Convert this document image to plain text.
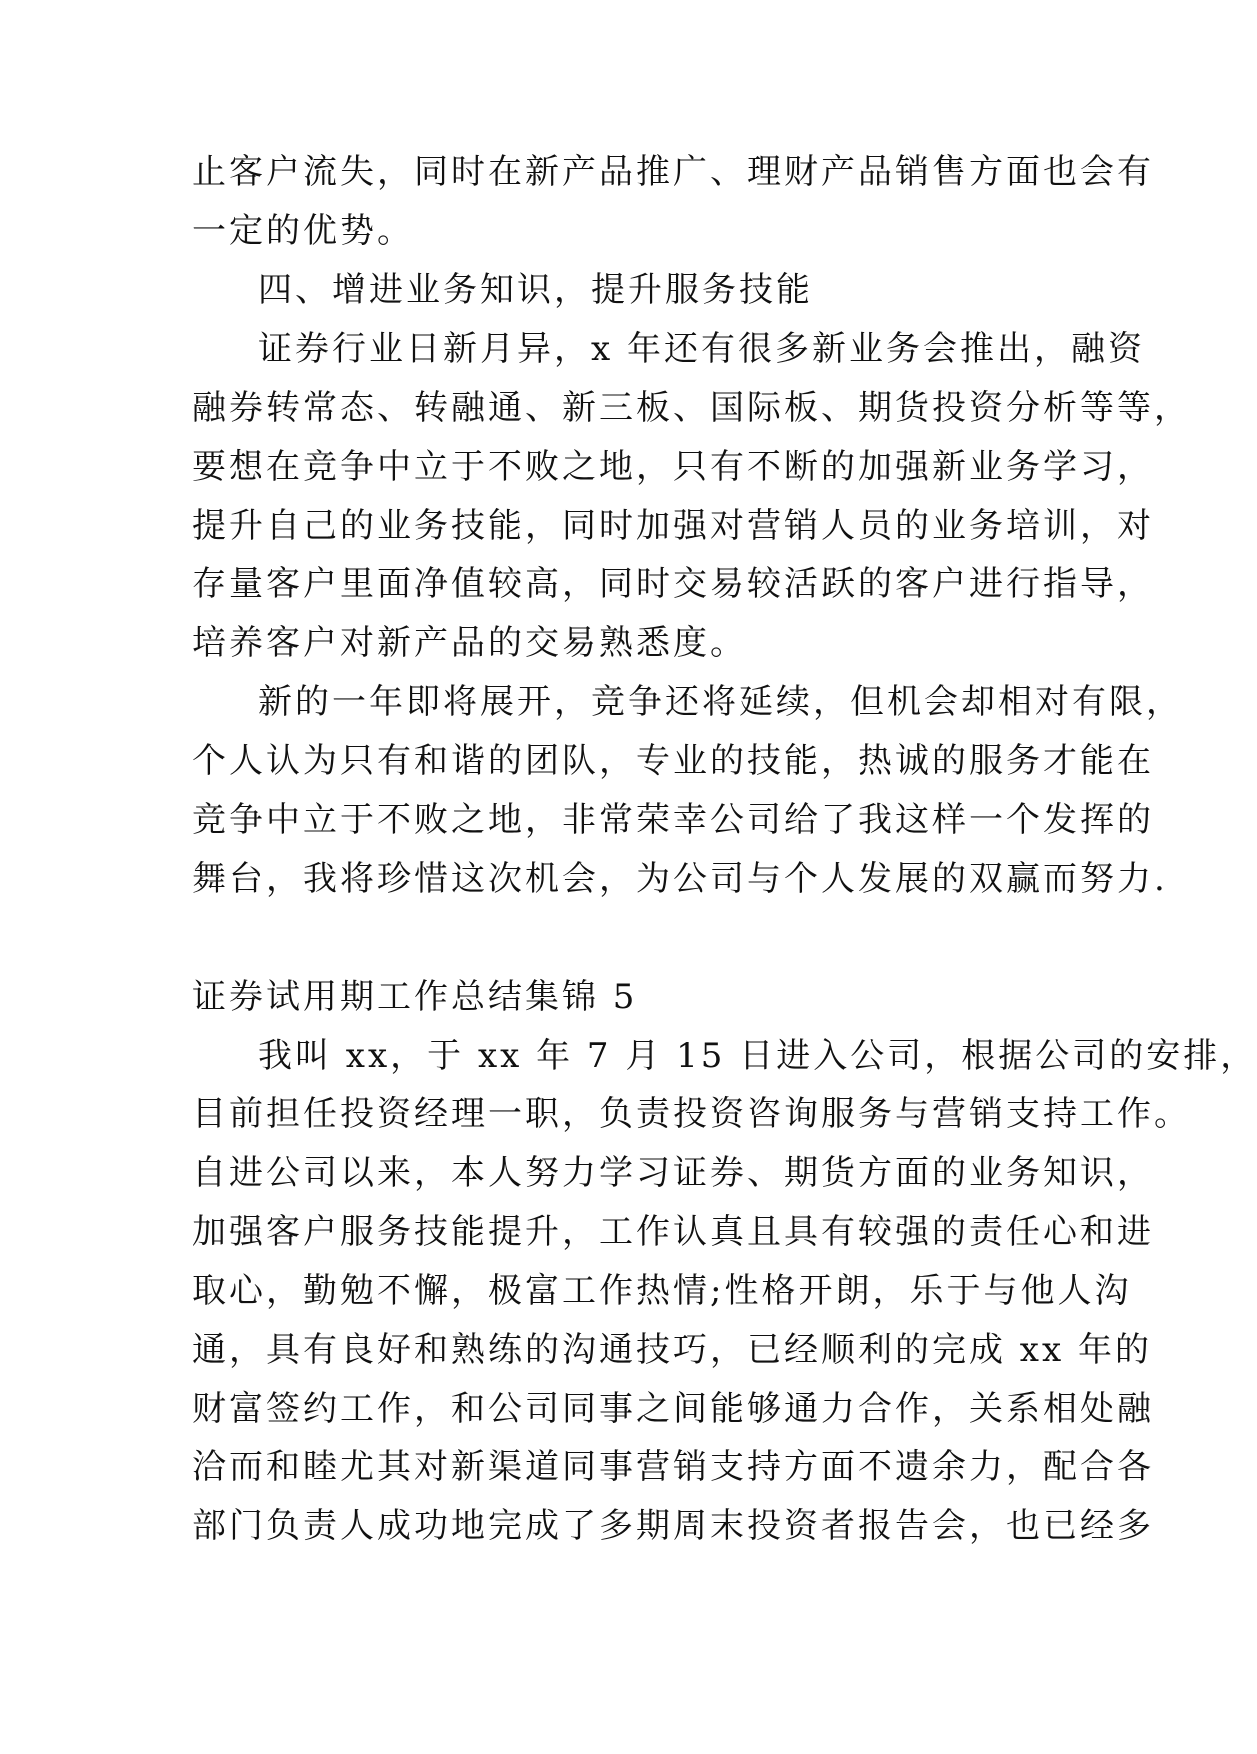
止客户流失，同时在新产品推广、理财产品销售方面也会有
一定的优势。
四、增进业务知识，提升服务技能
证券行业日新月异，x 年还有很多新业务会推出，融资
融券转常态、转融通、新三板、国际板、期货投资分析等等，
要想在竞争中立于不败之地，只有不断的加强新业务学习，
提升自己的业务技能，同时加强对营销人员的业务培训，对
存量客户里面净值较高，同时交易较活跃的客户进行指导，
培养客户对新产品的交易熟悉度。
新的一年即将展开，竞争还将延续，但机会却相对有限，
个人认为只有和谐的团队，专业的技能，热诚的服务才能在
竞争中立于不败之地，非常荣幸公司给了我这样一个发挥的
舞台，我将珍惜这次机会，为公司与个人发展的双赢而努力.
证券试用期工作总结集锦 5
我叫 xx，于 xx 年 7 月 15 日进入公司，根据公司的安排，
目前担任投资经理一职，负责投资咨询服务与营销支持工作。
自进公司以来，本人努力学习证券、期货方面的业务知识，
加强客户服务技能提升，工作认真且具有较强的责任心和进
取心，勤勉不懈，极富工作热情;性格开朗，乐于与他人沟
通，具有良好和熟练的沟通技巧，已经顺利的完成 xx 年的
财富签约工作，和公司同事之间能够通力合作，关系相处融
洽而和睦尤其对新渠道同事营销支持方面不遗余力，配合各
部门负责人成功地完成了多期周末投资者报告会，也已经多
